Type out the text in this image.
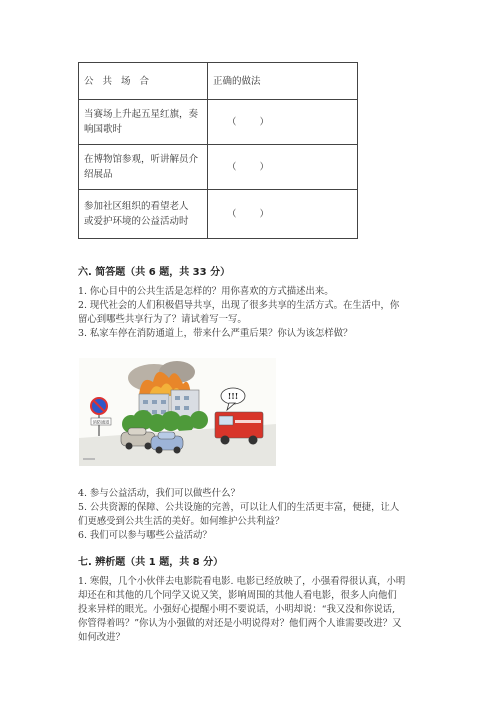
公 共 场 合	正确的做法

当赛场上升起五星红旗，奏
响国歌时	（ ）

在博物馆参观，听讲解员介
绍展品	（ ）

参加社区组织的看望老人
或爱护环境的公益活动时	（ ）
六. 简答题（共 6 题，共 33 分）
1. 你心目中的公共生活是怎样的？用你喜欢的方式描述出来。
2. 现代社会的人们积极倡导共享，出现了很多共享的生活方式。在生活中，你
留心到哪些共享行为了？请试着写一写。
3. 私家车停在消防通道上，带来什么严重后果？你认为该怎样做？
消防通道
!!!
4. 参与公益活动，我们可以做些什么？
5. 公共资源的保障、公共设施的完善，可以让人们的生活更丰富，便捷，让人
们更感受到公共生活的美好。如何维护公共利益？
6. 我们可以参与哪些公益活动？
七. 辨析题（共 1 题，共 8 分）
1. 寒假，几个小伙伴去电影院看电影. 电影已经放映了，小强看得很认真，小明
却还在和其他的几个同学又说又笑，影响周围的其他人看电影，很多人向他们
投来异样的眼光。小强好心提醒小明不要说话，小明却说：“我又没和你说话,
你管得着吗？”你认为小强做的对还是小明说得对？他们两个人谁需要改进？又
如何改进？
